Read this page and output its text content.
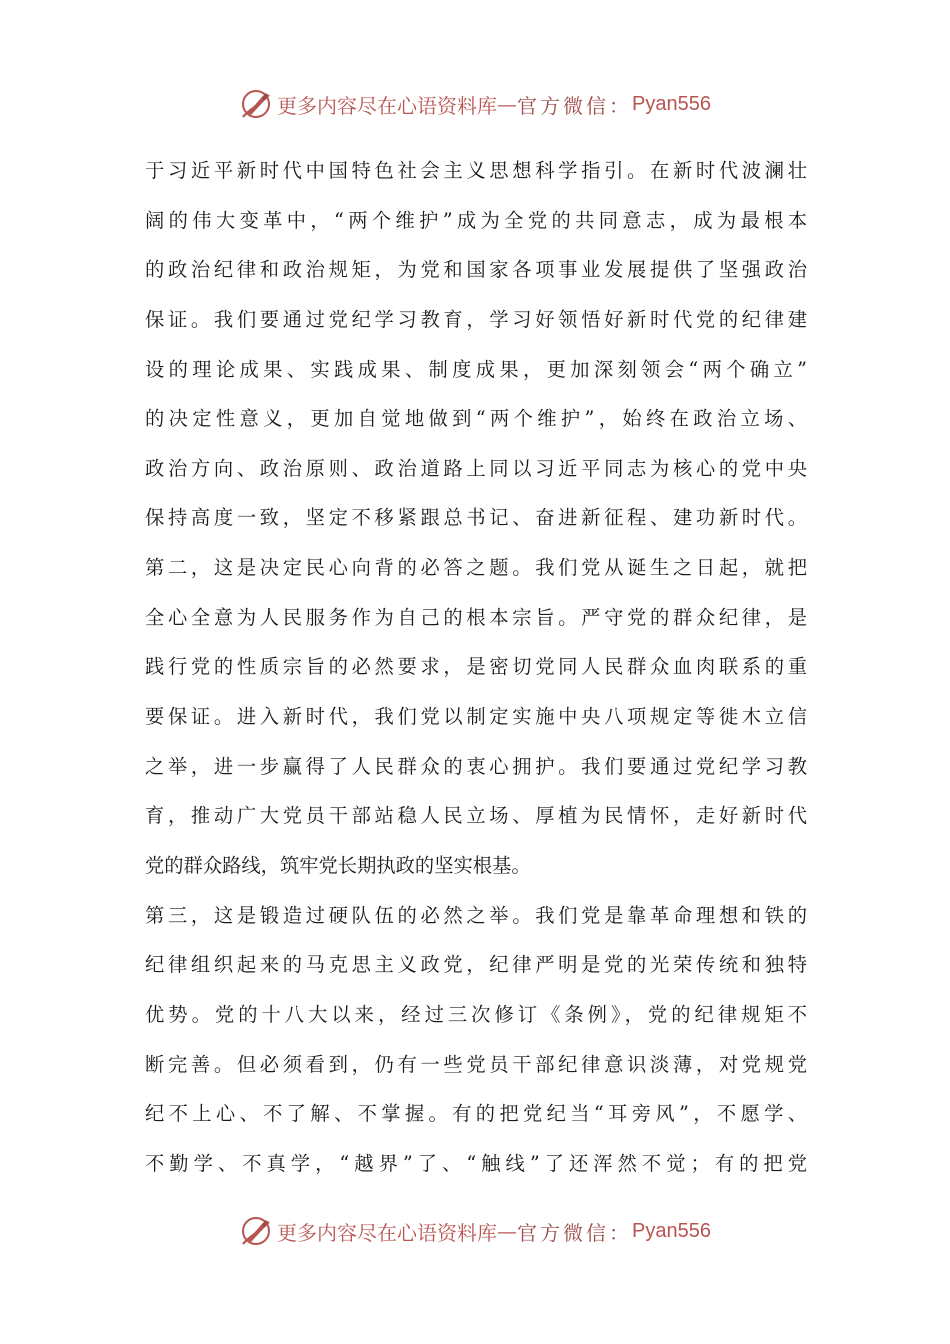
更多内容尽在心语资料库 — 官方微信： Pyan556
于习近平新时代中国特色社会主义思想科学指引。在新时代波澜壮
阔的伟大变革中，“两个维护”成为全党的共同意志，成为最根本
的政治纪律和政治规矩，为党和国家各项事业发展提供了坚强政治
保证。我们要通过党纪学习教育，学习好领悟好新时代党的纪律建
设的理论成果、实践成果、制度成果，更加深刻领会“两个确立”
的决定性意义，更加自觉地做到“两个维护”，始终在政治立场、
政治方向、政治原则、政治道路上同以习近平同志为核心的党中央
保持高度一致，坚定不移紧跟总书记、奋进新征程、建功新时代。
第二，这是决定民心向背的必答之题。我们党从诞生之日起，就把
全心全意为人民服务作为自己的根本宗旨。严守党的群众纪律，是
践行党的性质宗旨的必然要求，是密切党同人民群众血肉联系的重
要保证。进入新时代，我们党以制定实施中央八项规定等徙木立信
之举，进一步赢得了人民群众的衷心拥护。我们要通过党纪学习教
育，推动广大党员干部站稳人民立场、厚植为民情怀，走好新时代
党的群众路线，筑牢党长期执政的坚实根基。
第三，这是锻造过硬队伍的必然之举。我们党是靠革命理想和铁的
纪律组织起来的马克思主义政党，纪律严明是党的光荣传统和独特
优势。党的十八大以来，经过三次修订《条例》，党的纪律规矩不
断完善。但必须看到，仍有一些党员干部纪律意识淡薄，对党规党
纪不上心、不了解、不掌握。有的把党纪当“耳旁风”，不愿学、
不勤学、不真学，“越界”了、“触线”了还浑然不觉；有的把党
更多内容尽在心语资料库 — 官方微信： Pyan556
